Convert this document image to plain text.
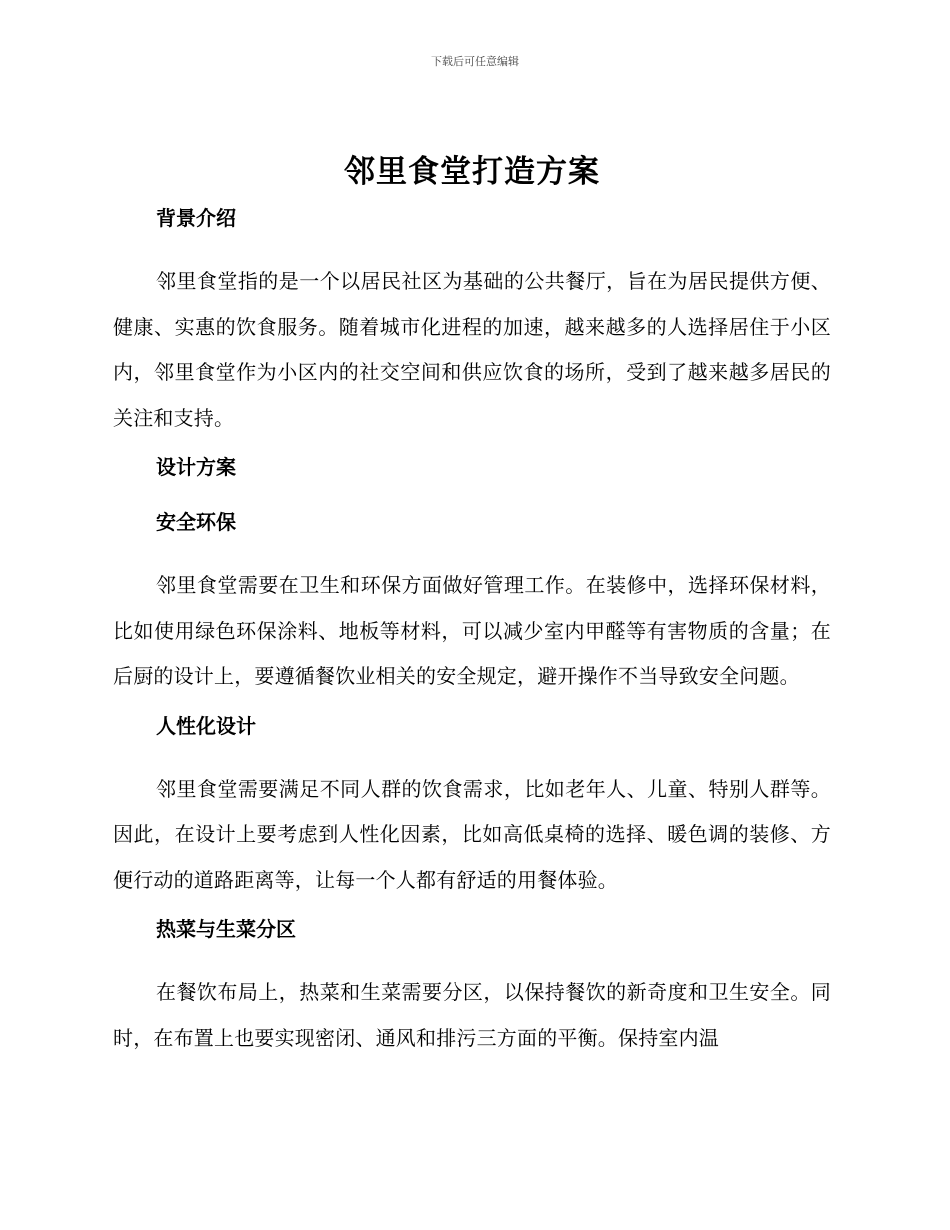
下载后可任意编辑
邻里食堂打造方案
背景介绍

邻里食堂指的是一个以居民社区为基础的公共餐厅，旨在为居民提供方便、健康、实惠的饮食服务。随着城市化进程的加速，越来越多的人选择居住于小区内，邻里食堂作为小区内的社交空间和供应饮食的场所，受到了越来越多居民的关注和支持。

设计方案
安全环保

邻里食堂需要在卫生和环保方面做好管理工作。在装修中，选择环保材料，比如使用绿色环保涂料、地板等材料，可以减少室内甲醛等有害物质的含量；在后厨的设计上，要遵循餐饮业相关的安全规定，避开操作不当导致安全问题。

人性化设计

邻里食堂需要满足不同人群的饮食需求，比如老年人、儿童、特别人群等。因此，在设计上要考虑到人性化因素，比如高低桌椅的选择、暖色调的装修、方便行动的道路距离等，让每一个人都有舒适的用餐体验。

热菜与生菜分区

在餐饮布局上，热菜和生菜需要分区，以保持餐饮的新奇度和卫生安全。同时，在布置上也要实现密闭、通风和排污三方面的平衡。保持室内温
